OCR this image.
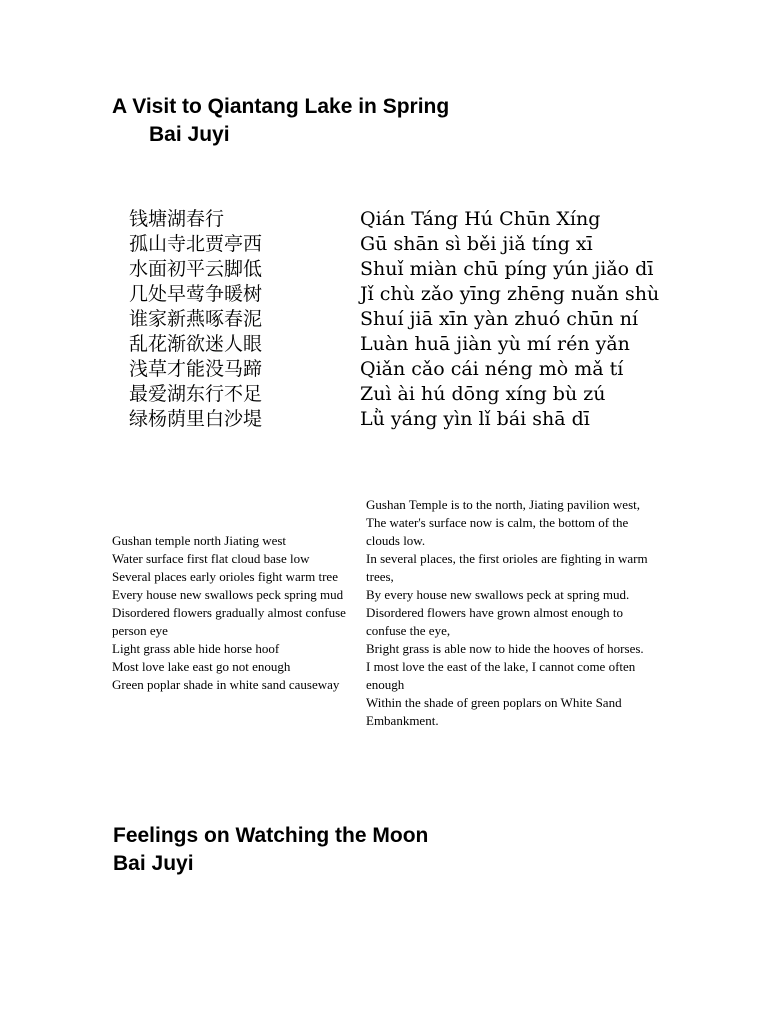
A Visit to Qiantang Lake in Spring
Bai Juyi
钱塘湖春行
孤山寺北贾亭西
水面初平云脚低
几处早莺争暖树
谁家新燕啄春泥
乱花渐欲迷人眼
浅草才能没马蹄
最爱湖东行不足
绿杨荫里白沙堤
Qián Táng Hú Chūn Xíng
Gū shān sì běi jiǎ tíng xī
Shuǐ miàn chū píng yún jiǎo dī
Jǐ chù zǎo yīng zhēng nuǎn shù
Shuí jiā xīn yàn zhuó chūn ní
Luàn huā jiàn yù mí rén yǎn
Qiǎn cǎo cái néng mò mǎ tí
Zuì ài hú dōng xíng bù zú
Lǜ yáng yìn lǐ bái shā dī
Gushan temple north Jiating west
Water surface first flat cloud base low
Several places early orioles fight warm tree
Every house new swallows peck spring mud
Disordered flowers gradually almost confuse person eye
Light grass able hide horse hoof
Most love lake east go not enough
Green poplar shade in white sand causeway
Gushan Temple is to the north, Jiating pavilion west,
The water's surface now is calm, the bottom of the clouds low.
In several places, the first orioles are fighting in warm trees,
By every house new swallows peck at spring mud.
Disordered flowers have grown almost enough to confuse the eye,
Bright grass is able now to hide the hooves of horses.
I most love the east of the lake, I cannot come often enough
Within the shade of green poplars on White Sand Embankment.
Feelings on Watching the Moon
Bai Juyi
